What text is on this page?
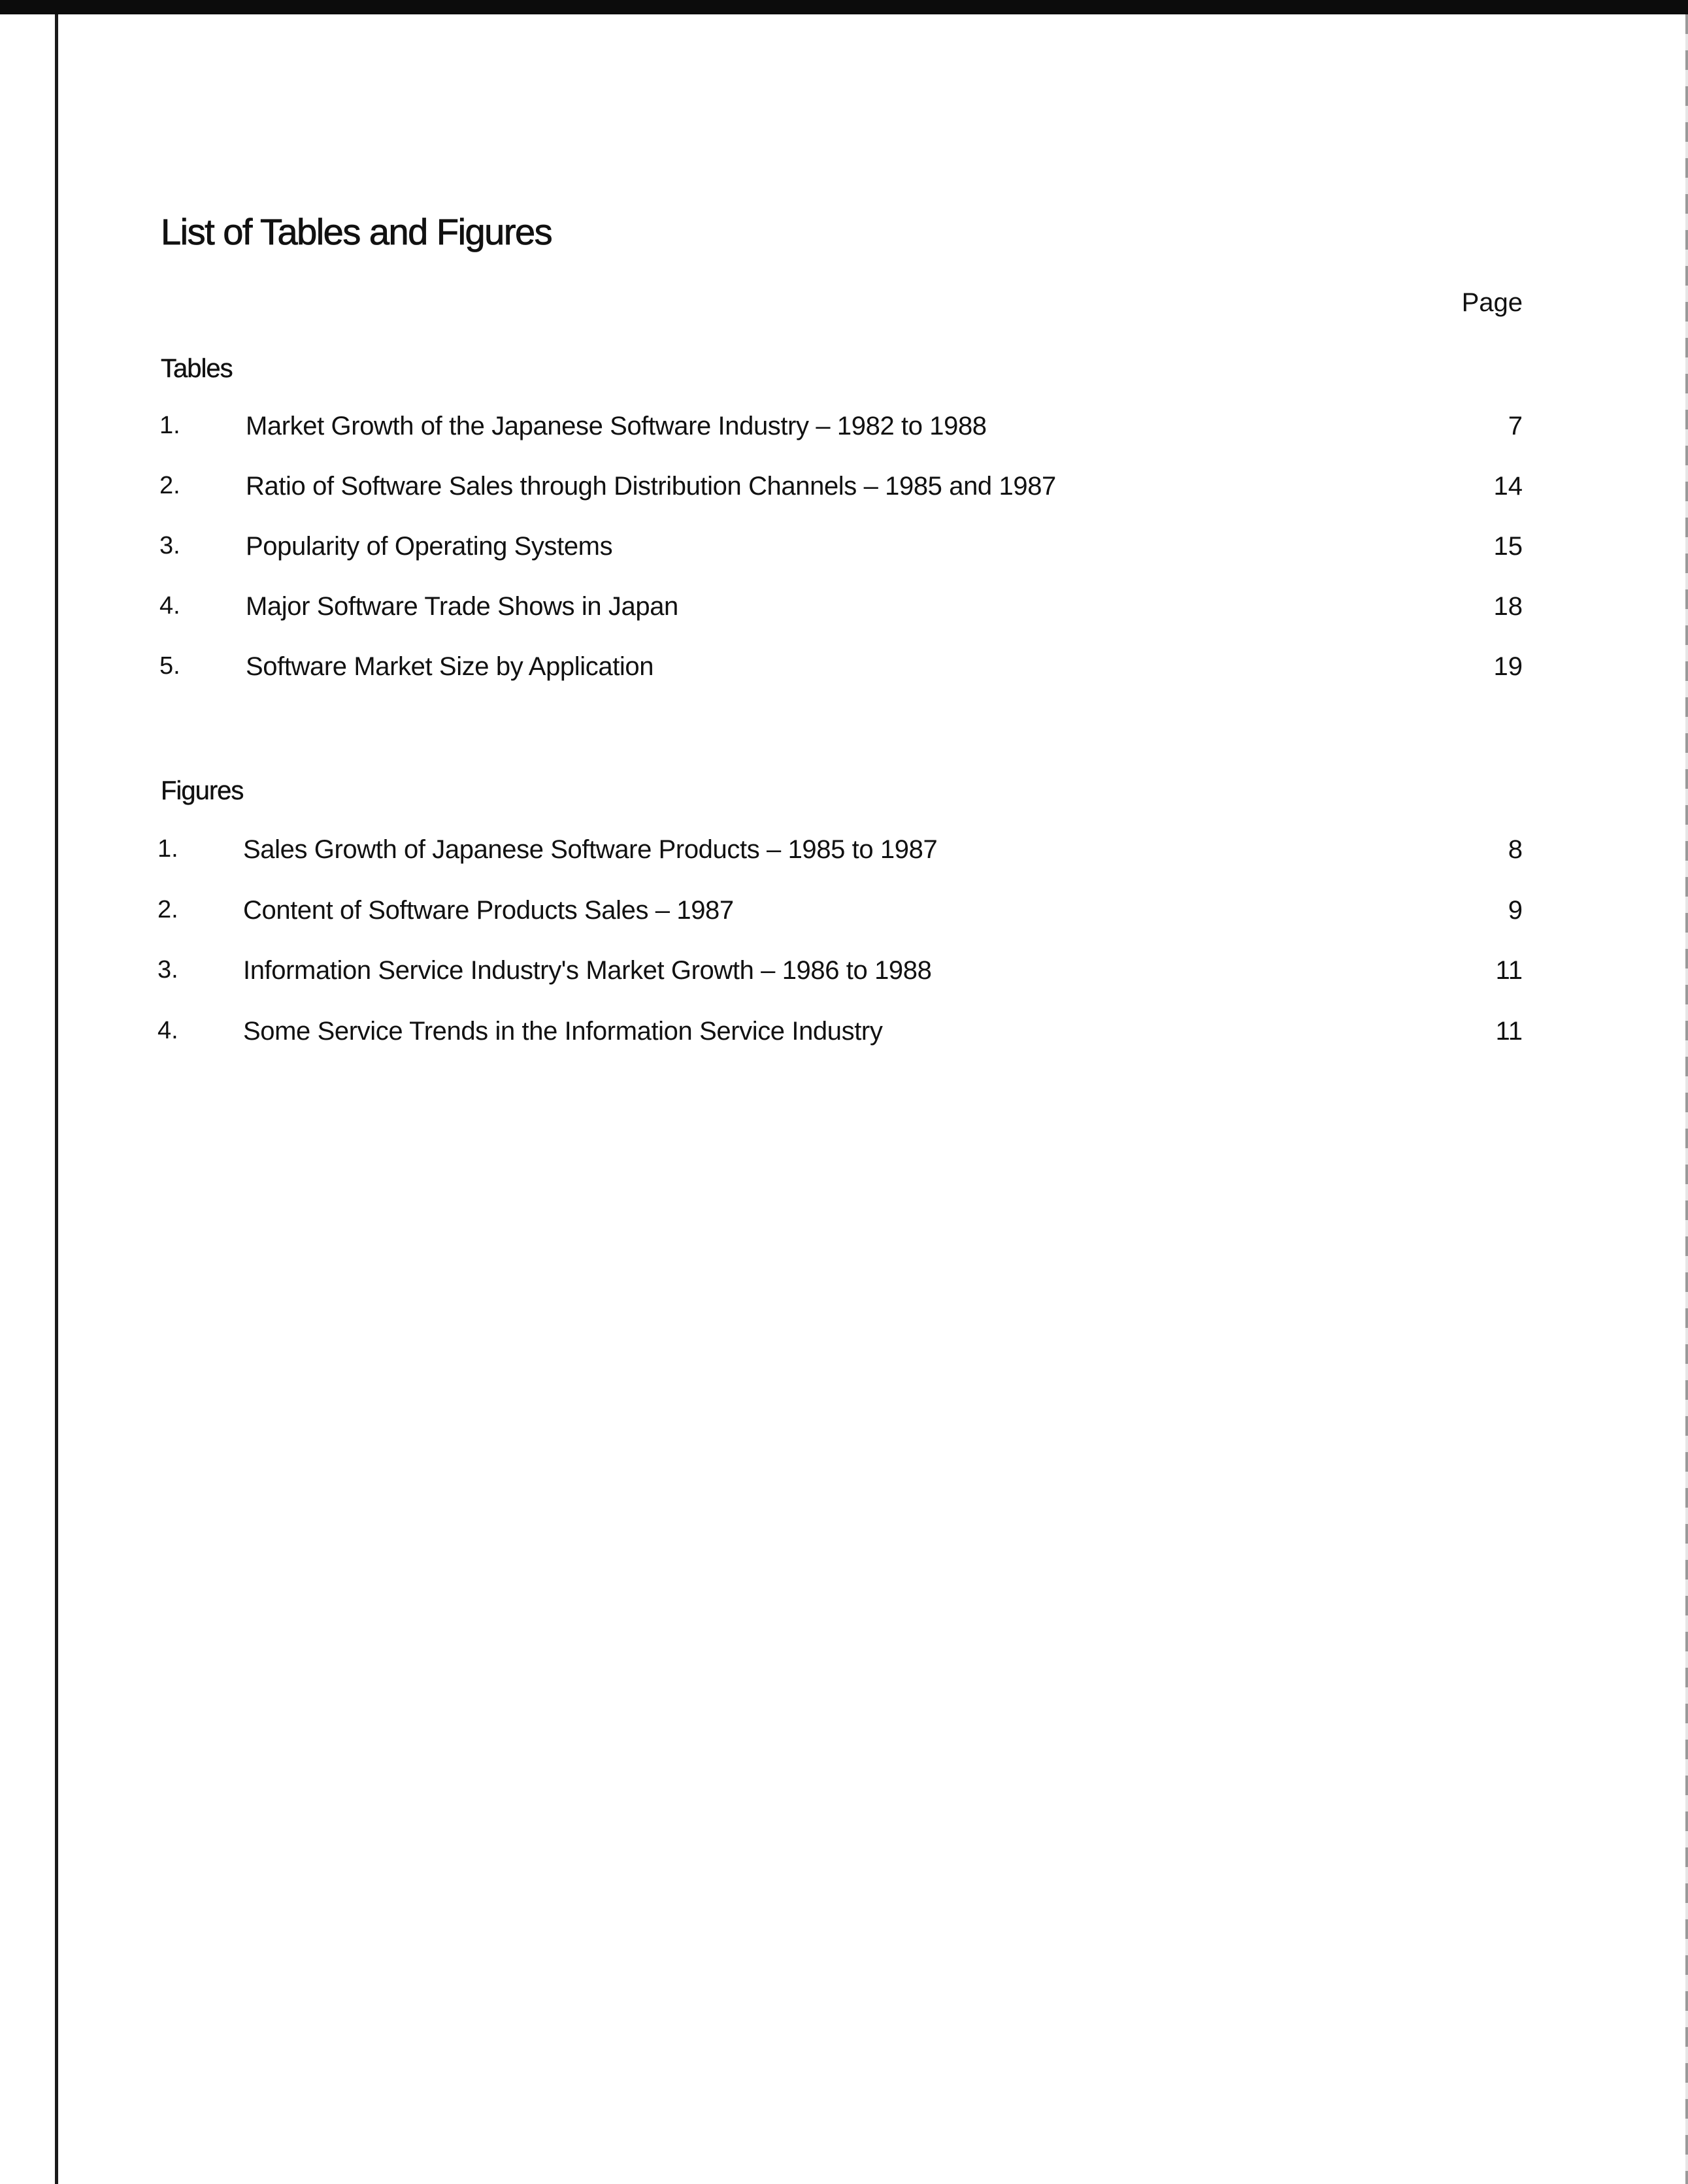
List of Tables and Figures
Page
Tables
1.	Market Growth of the Japanese Software Industry – 1982 to 1988	7
2.	Ratio of Software Sales through Distribution Channels – 1985 and 1987	14
3.	Popularity of Operating Systems	15
4.	Major Software Trade Shows in Japan	18
5.	Software Market Size by Application	19
Figures
1. Sales Growth of Japanese Software Products – 1985 to 1987	8
2. Content of Software Products Sales – 1987	9
3. Information Service Industry's Market Growth – 1986 to 1988	11
4. Some Service Trends in the Information Service Industry	11
